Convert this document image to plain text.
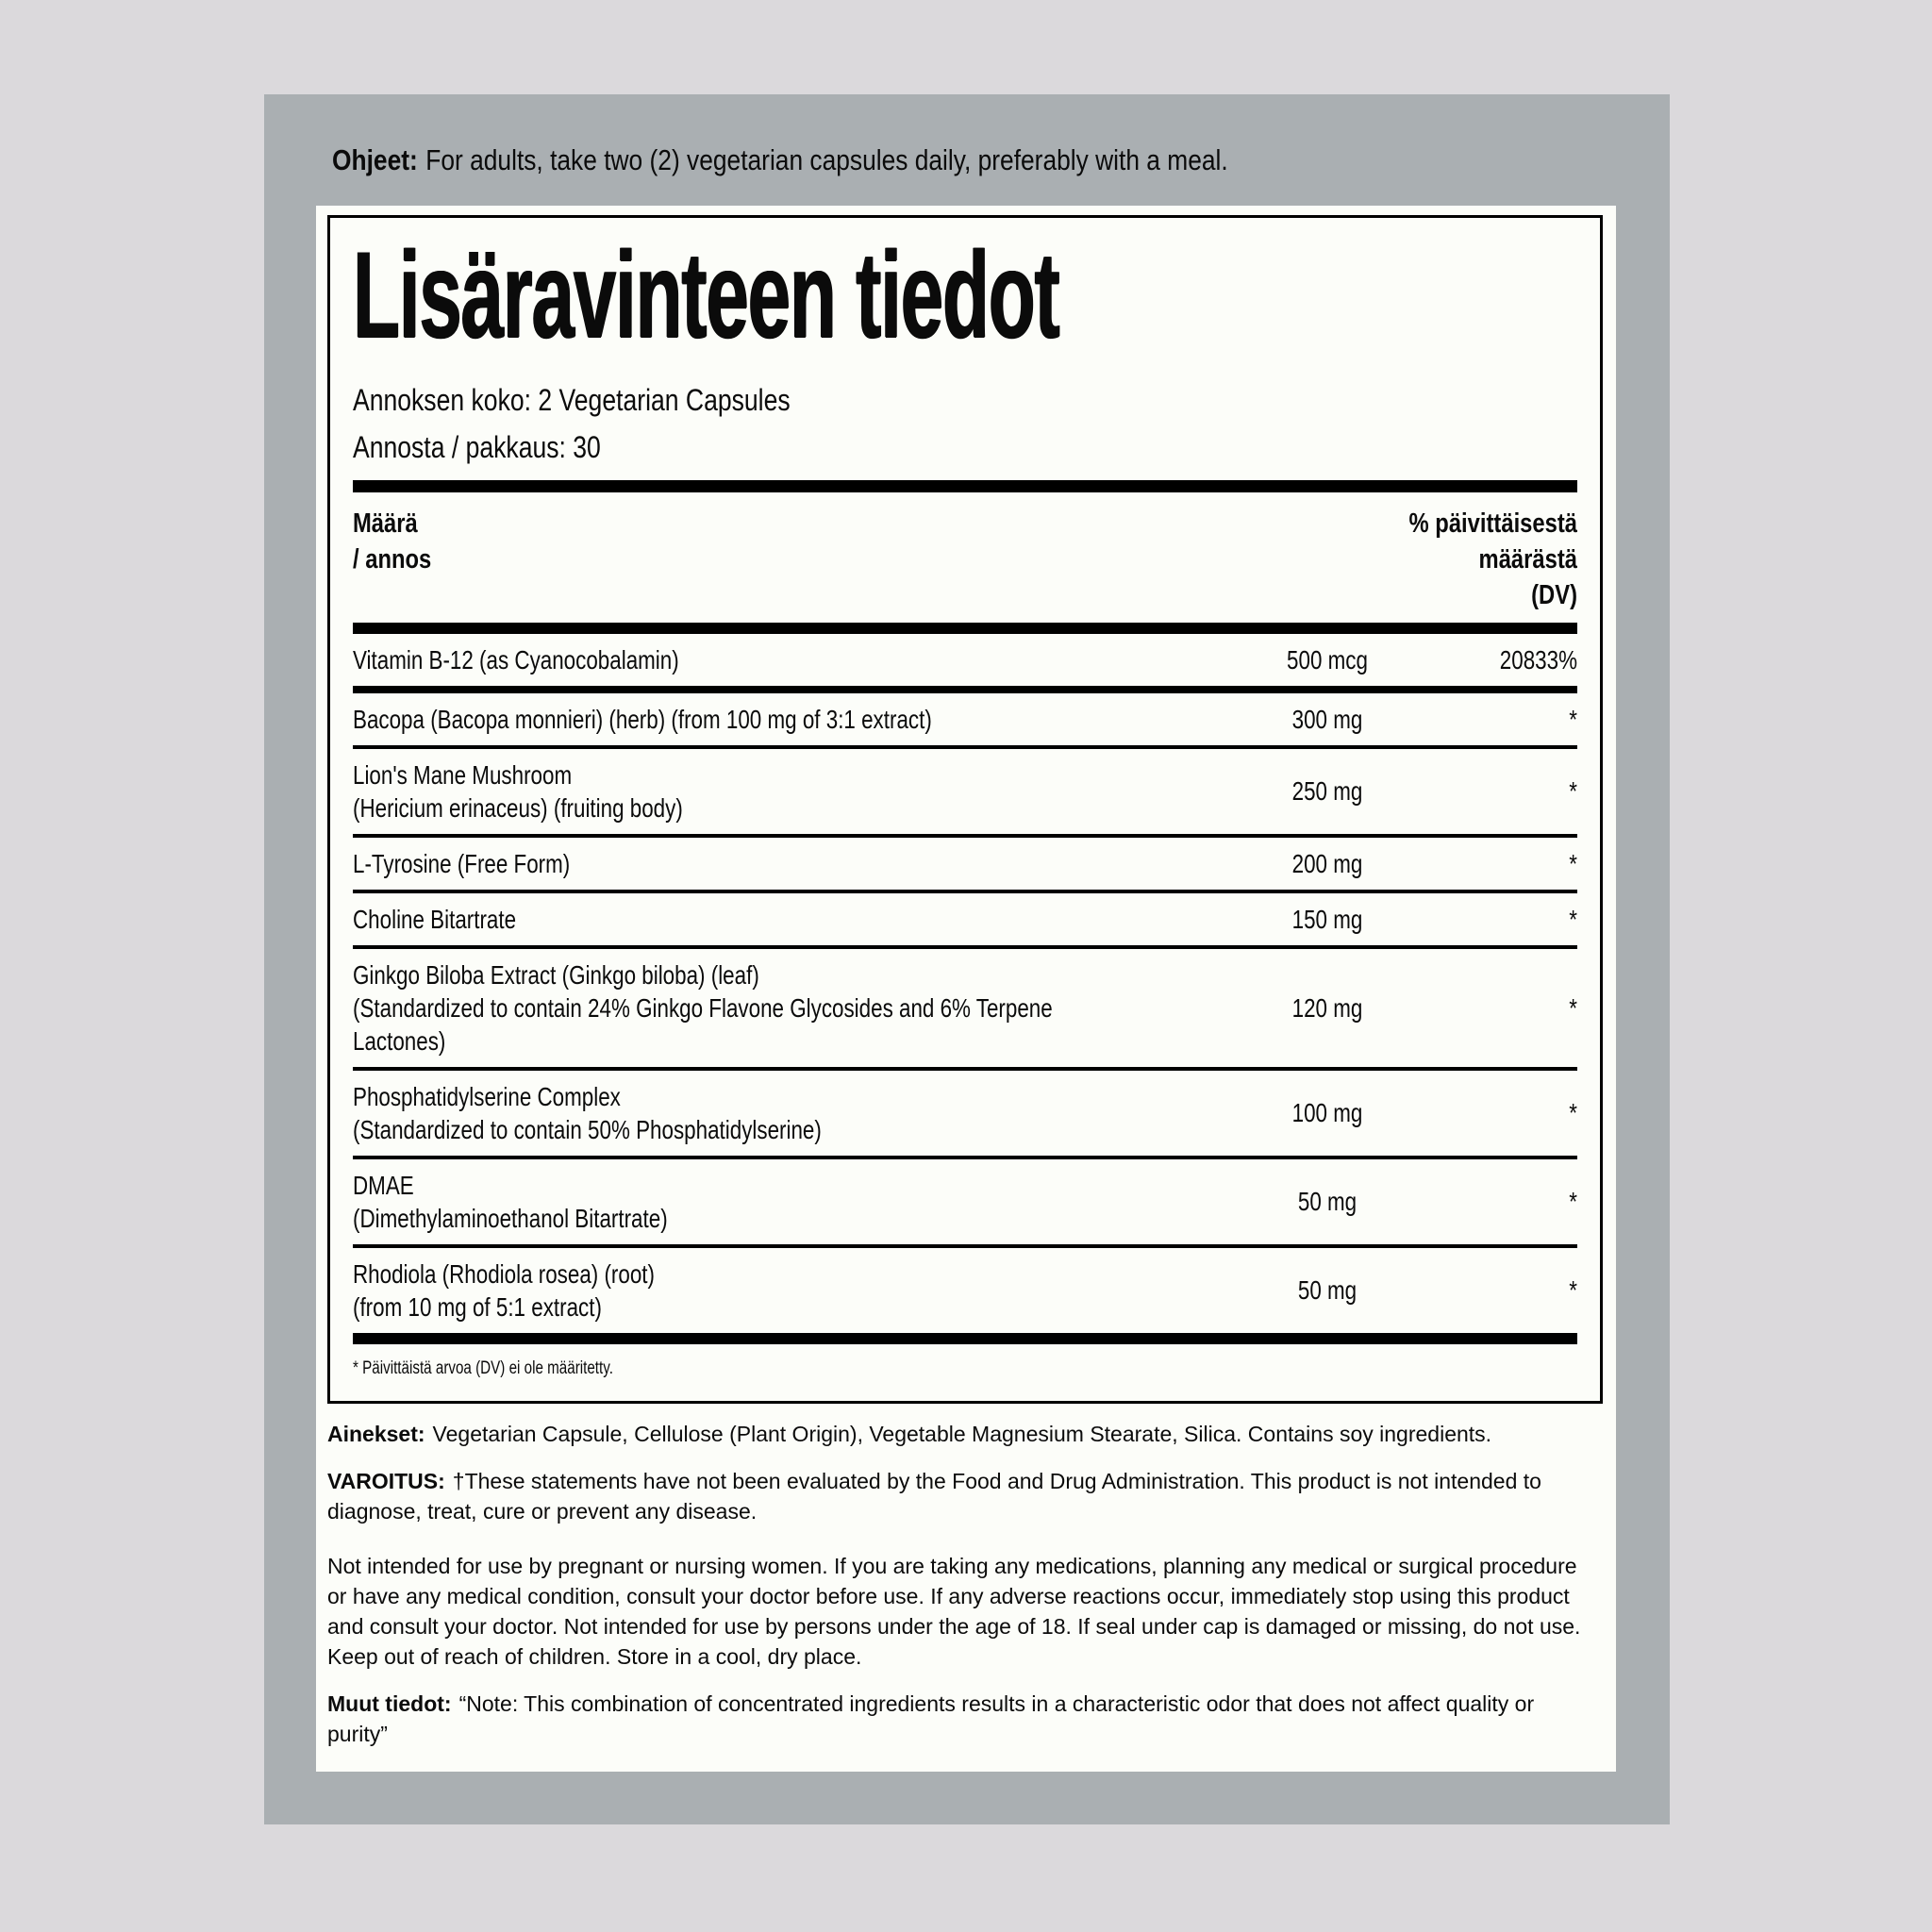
Ohjeet: For adults, take two (2) vegetarian capsules daily, preferably with a meal.
Lisäravinteen tiedot
Annoksen koko: 2 Vegetarian Capsules
Annosta / pakkaus: 30
Määrä
/ annos
% päivittäisestä
määrästä
(DV)
Vitamin B-12 (as Cyanocobalamin)	500 mcg	20833%
Bacopa (Bacopa monnieri) (herb) (from 100 mg of 3:1 extract)	300 mg	*
Lion's Mane Mushroom
(Hericium erinaceus) (fruiting body)
250 mg	*
L-Tyrosine (Free Form)	200 mg	*
Choline Bitartrate	150 mg	*
Ginkgo Biloba Extract (Ginkgo biloba) (leaf)
(Standardized to contain 24% Ginkgo Flavone Glycosides and 6% Terpene
Lactones)
120 mg	*
Phosphatidylserine Complex
(Standardized to contain 50% Phosphatidylserine)
100 mg	*
DMAE
(Dimethylaminoethanol Bitartrate)
50 mg	*
Rhodiola (Rhodiola rosea) (root)
(from 10 mg of 5:1 extract)
50 mg	*
* Päivittäistä arvoa (DV) ei ole määritetty.

Ainekset: Vegetarian Capsule, Cellulose (Plant Origin), Vegetable Magnesium Stearate, Silica. Contains soy ingredients.

VAROITUS: †These statements have not been evaluated by the Food and Drug Administration. This product is not intended to diagnose, treat, cure or prevent any disease.

Not intended for use by pregnant or nursing women. If you are taking any medications, planning any medical or surgical procedure or have any medical condition, consult your doctor before use. If any adverse reactions occur, immediately stop using this product and consult your doctor. Not intended for use by persons under the age of 18. If seal under cap is damaged or missing, do not use. Keep out of reach of children. Store in a cool, dry place.

Muut tiedot: “Note: This combination of concentrated ingredients results in a characteristic odor that does not affect quality or purity”
